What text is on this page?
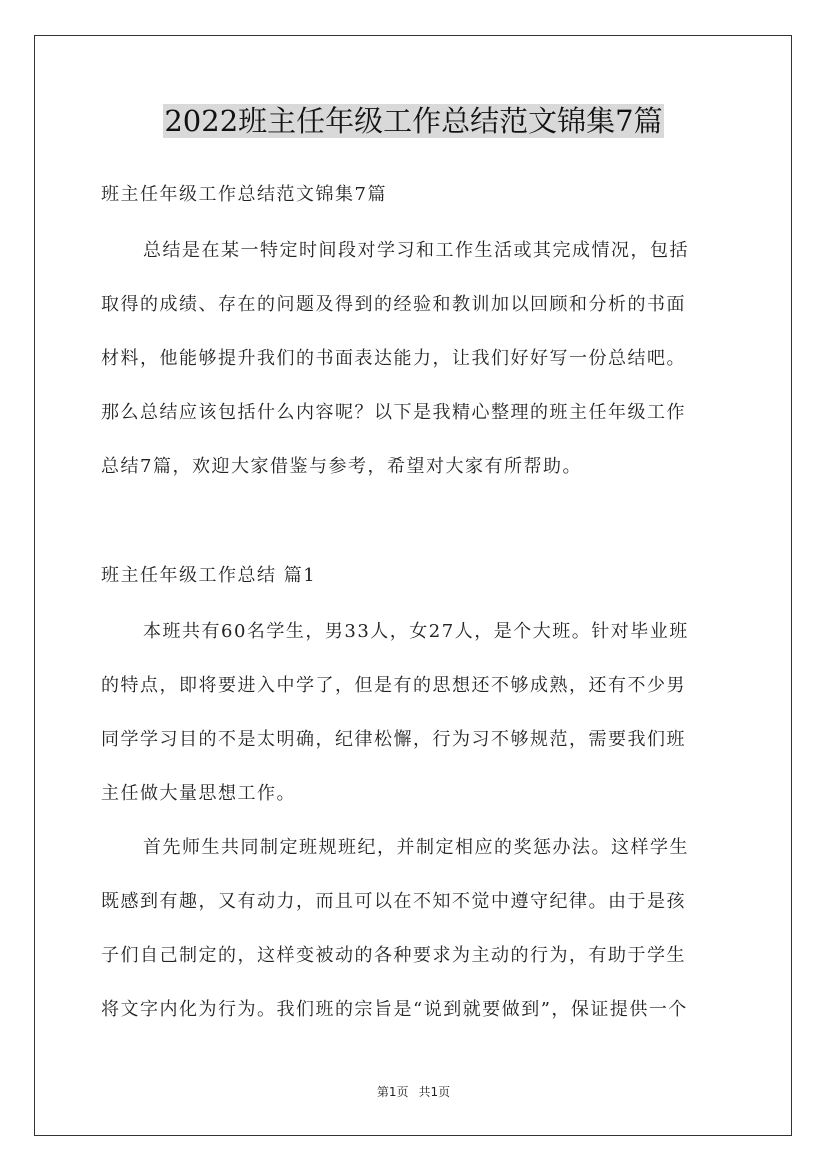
2022班主任年级工作总结范文锦集7篇
班主任年级工作总结范文锦集7篇
总结是在某一特定时间段对学习和工作生活或其完成情况，包括
取得的成绩、存在的问题及得到的经验和教训加以回顾和分析的书面
材料，他能够提升我们的书面表达能力，让我们好好写一份总结吧。
那么总结应该包括什么内容呢？以下是我精心整理的班主任年级工作
总结7篇，欢迎大家借鉴与参考，希望对大家有所帮助。
班主任年级工作总结 篇1
本班共有60名学生，男33人，女27人，是个大班。针对毕业班
的特点，即将要进入中学了，但是有的思想还不够成熟，还有不少男
同学学习目的不是太明确，纪律松懈，行为习不够规范，需要我们班
主任做大量思想工作。
首先师生共同制定班规班纪，并制定相应的奖惩办法。这样学生
既感到有趣，又有动力，而且可以在不知不觉中遵守纪律。由于是孩
子们自己制定的，这样变被动的各种要求为主动的行为，有助于学生
将文字内化为行为。我们班的宗旨是“说到就要做到”，保证提供一个
第1页 共1页
